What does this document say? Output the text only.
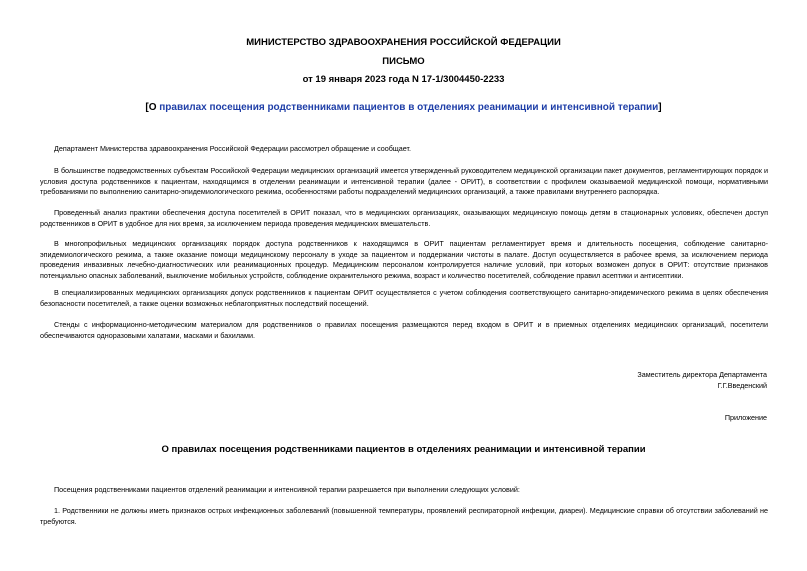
МИНИСТЕРСТВО ЗДРАВООХРАНЕНИЯ РОССИЙСКОЙ ФЕДЕРАЦИИ
ПИСЬМО
от 19 января 2023 года N 17-1/3004450-2233
[О правилах посещения родственниками пациентов в отделениях реанимации и интенсивной терапии]
Департамент Министерства здравоохранения Российской Федерации рассмотрел обращение и сообщает.
В большинстве подведомственных субъектам Российской Федерации медицинских организаций имеется утвержденный руководителем медицинской организации пакет документов, регламентирующих порядок и условия доступа родственников к пациентам, находящимся в отделении реанимации и интенсивной терапии (далее - ОРИТ), в соответствии с профилем оказываемой медицинской помощи, нормативными требованиями по выполнению санитарно-эпидемиологического режима, особенностями работы подразделений медицинских организаций, а также правилами внутреннего распорядка.
Проведенный анализ практики обеспечения доступа посетителей в ОРИТ показал, что в медицинских организациях, оказывающих медицинскую помощь детям в стационарных условиях, обеспечен доступ родственников в ОРИТ в удобное для них время, за исключением периода проведения медицинских вмешательств.
В многопрофильных медицинских организациях порядок доступа родственников к находящимся в ОРИТ пациентам регламентирует время и длительность посещения, соблюдение санитарно-эпидемиологического режима, а также оказание помощи медицинскому персоналу в уходе за пациентом и поддержании чистоты в палате. Доступ осуществляется в рабочее время, за исключением периода проведения инвазивных лечебно-диагностических или реанимационных процедур. Медицинским персоналом контролируется наличие условий, при которых возможен допуск в ОРИТ: отсутствие признаков потенциально опасных заболеваний, выключение мобильных устройств, соблюдение охранительного режима, возраст и количество посетителей, соблюдение правил асептики и антисептики.
В специализированных медицинских организациях допуск родственников к пациентам ОРИТ осуществляется с учетом соблюдения соответствующего санитарно-эпидемического режима в целях обеспечения безопасности посетителей, а также оценки возможных неблагоприятных последствий посещений.
Стенды с информационно-методическим материалом для родственников о правилах посещения размещаются перед входом в ОРИТ и в приемных отделениях медицинских организаций, посетители обеспечиваются одноразовыми халатами, масками и бахилами.
Заместитель директора Департамента
Г.Г.Введенский
Приложение
О правилах посещения родственниками пациентов в отделениях реанимации и интенсивной терапии
Посещения родственниками пациентов отделений реанимации и интенсивной терапии разрешается при выполнении следующих условий:
1. Родственники не должны иметь признаков острых инфекционных заболеваний (повышенной температуры, проявлений респираторной инфекции, диареи). Медицинские справки об отсутствии заболеваний не требуются.
